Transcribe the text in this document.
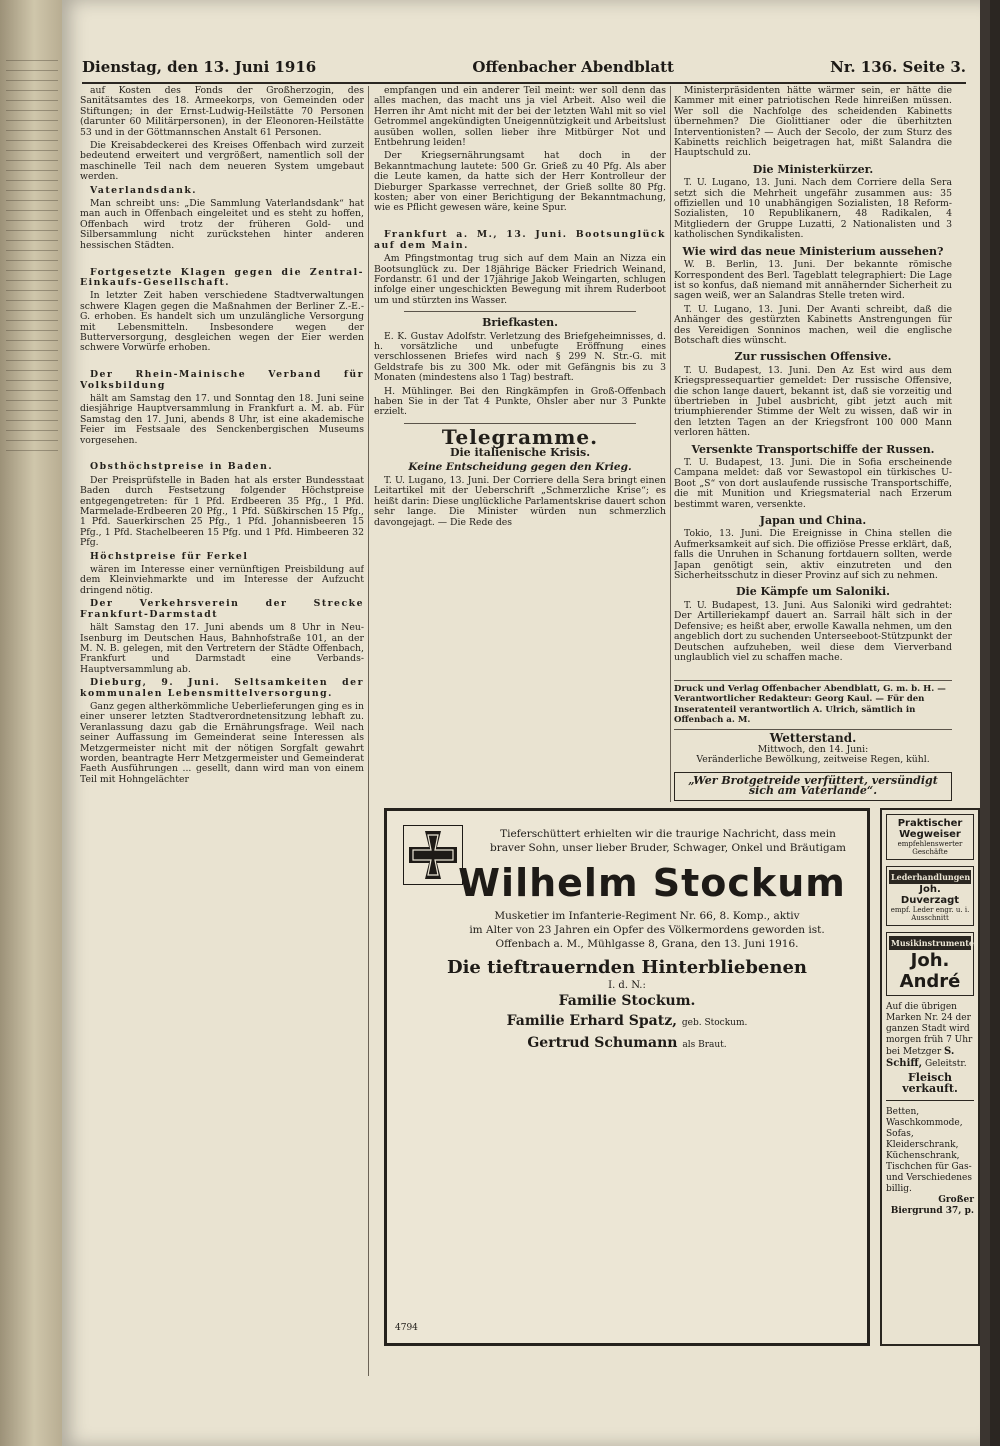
Dienstag, den 13. Juni 1916	Offenbacher Abendblatt	Nr. 136. Seite 3.

auf Kosten des Fonds der Großherzogin, des Sanitätsamtes des 18. Armeekorps, von Gemeinden oder Stiftungen; in der Ernst-Ludwig-Heilstätte 70 Personen (darunter 60 Militärpersonen), in der Eleonoren-Heilstätte 53 und in der Göttmannschen Anstalt 61 Personen.

Die Kreisabdeckerei des Kreises Offenbach wird zurzeit bedeutend erweitert und vergrößert, namentlich soll der maschinelle Teil nach dem neueren System umgebaut werden.

Vaterlandsdank.

Man schreibt uns: „Die Sammlung Vaterlandsdank“ hat man auch in Offenbach eingeleitet und es steht zu hoffen, Offenbach wird trotz der früheren Gold- und Silbersammlung nicht zurückstehen hinter anderen hessischen Städten.

Fortgesetzte Klagen gegen die Zentral-Einkaufs-Gesellschaft.

In letzter Zeit haben verschiedene Stadtverwaltungen schwere Klagen gegen die Maßnahmen der Berliner Z.-E.-G. erhoben. Es handelt sich um unzulängliche Versorgung mit Lebensmitteln. Insbesondere wegen der Butterversorgung, desgleichen wegen der Eier werden schwere Vorwürfe erhoben.

Der Rhein-Mainische Verband für Volksbildung

hält am Samstag den 17. und Sonntag den 18. Juni seine diesjährige Hauptversammlung in Frankfurt a. M. ab. Für Samstag den 17. Juni, abends 8 Uhr, ist eine akademische Feier im Festsaale des Senckenbergischen Museums vorgesehen.

Obsthöchstpreise in Baden.

Der Preisprüfstelle in Baden hat als erster Bundesstaat Baden durch Festsetzung folgender Höchstpreise entgegengetreten: für 1 Pfd. Erdbeeren 35 Pfg., 1 Pfd. Marmelade-Erdbeeren 20 Pfg., 1 Pfd. Süßkirschen 15 Pfg., 1 Pfd. Sauerkirschen 25 Pfg., 1 Pfd. Johannisbeeren 15 Pfg., 1 Pfd. Stachelbeeren 15 Pfg. und 1 Pfd. Himbeeren 32 Pfg.

Höchstpreise für Ferkel

wären im Interesse einer vernünftigen Preisbildung auf dem Kleinviehmarkte und im Interesse der Aufzucht dringend nötig.

Der Verkehrsverein der Strecke Frankfurt-Darmstadt

hält Samstag den 17. Juni abends um 8 Uhr in Neu-Isenburg im Deutschen Haus, Bahnhofstraße 101, an der M. N. B. gelegen, mit den Vertretern der Städte Offenbach, Frankfurt und Darmstadt eine Verbands-Hauptversammlung ab.

Dieburg, 9. Juni. Seltsamkeiten der kommunalen Lebensmittelversorgung.

Ganz gegen altherkömmliche Ueberlieferungen ging es in einer unserer letzten Stadtverordnetensitzung lebhaft zu. Veranlassung dazu gab die Ernährungsfrage. Weil nach seiner Auffassung im Gemeinderat seine Interessen als Metzgermeister nicht mit der nötigen Sorgfalt gewahrt worden, beantragte Herr Metzgermeister und Gemeinderat Faeth Ausführungen ... gesellt, dann wird man von einem Teil mit Hohngelächter

empfangen und ein anderer Teil meint: wer soll denn das alles machen, das macht uns ja viel Arbeit. Also weil die Herren ihr Amt nicht mit der bei der letzten Wahl mit so viel Getrommel angekündigten Uneigennützigkeit und Arbeitslust ausüben wollen, sollen lieber ihre Mitbürger Not und Entbehrung leiden!

Der Kriegsernährungsamt hat doch in der Bekanntmachung lautete: 500 Gr. Grieß zu 40 Pfg. Als aber die Leute kamen, da hatte sich der Herr Kontrolleur der Dieburger Sparkasse verrechnet, der Grieß sollte 80 Pfg. kosten; aber von einer Berichtigung der Bekanntmachung, wie es Pflicht gewesen wäre, keine Spur.

Frankfurt a. M., 13. Juni. Bootsunglück auf dem Main.

Am Pfingstmontag trug sich auf dem Main an Nizza ein Bootsunglück zu. Der 18jährige Bäcker Friedrich Weinand, Fordanstr. 61 und der 17jährige Jakob Weingarten, schlugen infolge einer ungeschickten Bewegung mit ihrem Ruderboot um und stürzten ins Wasser.

Briefkasten.

E. K. Gustav Adolfstr. Verletzung des Briefgeheimnisses, d. h. vorsätzliche und unbefugte Eröffnung eines verschlossenen Briefes wird nach § 299 N. Str.-G. mit Geldstrafe bis zu 300 Mk. oder mit Gefängnis bis zu 3 Monaten (mindestens also 1 Tag) bestraft.

H. Mühlinger. Bei den Ringkämpfen in Groß-Offenbach haben Sie in der Tat 4 Punkte, Ohsler aber nur 3 Punkte erzielt.

Telegramme.
Die italienische Krisis.
Keine Entscheidung gegen den Krieg.

T. U. Lugano, 13. Juni. Der Corriere della Sera bringt einen Leitartikel mit der Ueberschrift „Schmerzliche Krise“; es heißt darin: Diese unglückliche Parlamentskrise dauert schon sehr lange. Die Minister würden nun schmerzlich davongejagt. — Die Rede des

Ministerpräsidenten hätte wärmer sein, er hätte die Kammer mit einer patriotischen Rede hinreißen müssen. Wer soll die Nachfolge des scheidenden Kabinetts übernehmen? Die Giolittianer oder die überhitzten Interventionisten? — Auch der Secolo, der zum Sturz des Kabinetts reichlich beigetragen hat, mißt Salandra die Hauptschuld zu.

Die Ministerkürzer.

T. U. Lugano, 13. Juni. Nach dem Corriere della Sera setzt sich die Mehrheit ungefähr zusammen aus: 35 offiziellen und 10 unabhängigen Sozialisten, 18 Reform-Sozialisten, 10 Republikanern, 48 Radikalen, 4 Mitgliedern der Gruppe Luzatti, 2 Nationalisten und 3 katholischen Syndikalisten.

Wie wird das neue Ministerium aussehen?

W. B. Berlin, 13. Juni. Der bekannte römische Korrespondent des Berl. Tageblatt telegraphiert: Die Lage ist so konfus, daß niemand mit annähernder Sicherheit zu sagen weiß, wer an Salandras Stelle treten wird.

T. U. Lugano, 13. Juni. Der Avanti schreibt, daß die Anhänger des gestürzten Kabinetts Anstrengungen für des Vereidigen Sonninos machen, weil die englische Botschaft dies wünscht.

Zur russischen Offensive.

T. U. Budapest, 13. Juni. Den Az Est wird aus dem Kriegspressequartier gemeldet: Der russische Offensive, die schon lange dauert, bekannt ist, daß sie vorzeitig und übertrieben in Jubel ausbricht, gibt jetzt auch mit triumphierender Stimme der Welt zu wissen, daß wir in den letzten Tagen an der Kriegsfront 100 000 Mann verloren hätten.

Versenkte Transportschiffe der Russen.

T. U. Budapest, 13. Juni. Die in Sofia erscheinende Campana meldet: daß vor Sewastopol ein türkisches U-Boot „S“ von dort auslaufende russische Transportschiffe, die mit Munition und Kriegsmaterial nach Erzerum bestimmt waren, versenkte.

Japan und China.

Tokio, 13. Juni. Die Ereignisse in China stellen die Aufmerksamkeit auf sich. Die offiziöse Presse erklärt, daß, falls die Unruhen in Schanung fortdauern sollten, werde Japan genötigt sein, aktiv einzutreten und den Sicherheitsschutz in dieser Provinz auf sich zu nehmen.

Die Kämpfe um Saloniki.

T. U. Budapest, 13. Juni. Aus Saloniki wird gedrahtet: Der Artilleriekampf dauert an. Sarrail hält sich in der Defensive; es heißt aber, erwolle Kawalla nehmen, um den angeblich dort zu suchenden Unterseeboot-Stützpunkt der Deutschen aufzuheben, weil diese dem Vierverband unglaublich viel zu schaffen mache.

Druck und Verlag Offenbacher Abendblatt, G. m. b. H. — Verantwortlicher Redakteur: Georg Kaul. — Für den Inseratenteil verantwortlich A. Ulrich, sämtlich in Offenbach a. M.
Wetterstand.
Mittwoch, den 14. Juni:
Veränderliche Bewölkung, zeitweise Regen, kühl.
„Wer Brotgetreide verfüttert, versündigt sich am Vaterlande“.
Tieferschüttert erhielten wir die traurige Nachricht, dass mein braver Sohn, unser lieber Bruder, Schwager, Onkel und Bräutigam
Wilhelm Stockum
Musketier im Infanterie-Regiment Nr. 66, 8. Komp., aktiv
im Alter von 23 Jahren ein Opfer des Völkermordens geworden ist.
Offenbach a. M., Mühlgasse 8, Grana, den 13. Juni 1916.
Die tieftrauernden Hinterbliebenen
I. d. N.:
Familie Stockum.
Familie Erhard Spatz, geb. Stockum.
Gertrud Schumann als Braut.
4794
Praktischer Wegweiser
empfehlenswerter Geschäfte
Lederhandlungen
Joh. Duverzagt
empf. Leder engr. u. i. Ausschnitt
Musikinstrumente
Joh. André
Auf die übrigen Marken Nr. 24 der ganzen Stadt wird morgen früh 7 Uhr bei Metzger S. Schiff, Geleitstr.
Fleisch verkauft.
Betten, Waschkommode, Sofas, Kleiderschrank, Küchenschrank, Tischchen für Gas- und Verschiedenes billig.
Großer Biergrund 37, p.
